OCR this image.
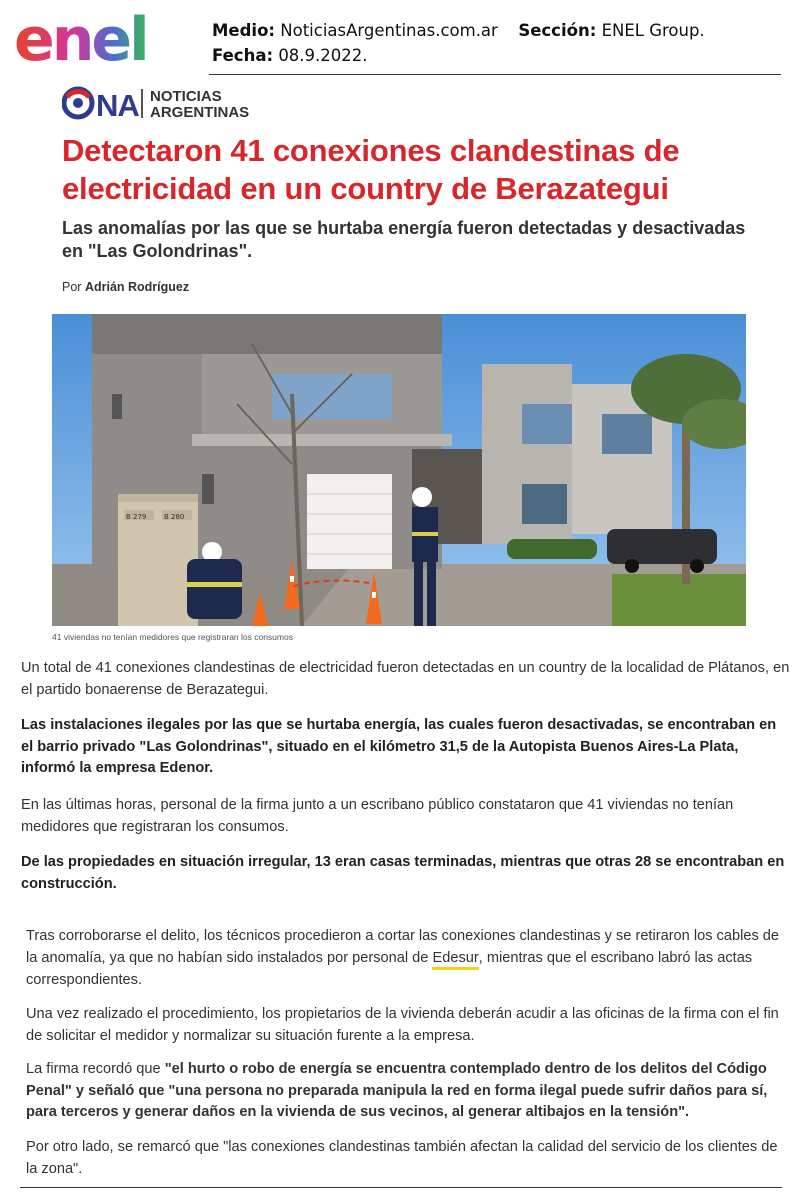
enel	Medio: NoticiasArgentinas.com.ar Sección: ENEL Group.
Fecha: 08.9.2022.
NA NOTICIAS
ARGENTINAS
Detectaron 41 conexiones clandestinas de electricidad en un country de Berazategui
Las anomalías por las que se hurtaba energía fueron detectadas y desactivadas en "Las Golondrinas".
Por Adrián Rodríguez
B 279	B 280
41 viviendas no tenían medidores que registraran los consumos

Un total de 41 conexiones clandestinas de electricidad fueron detectadas en un country de la localidad de Plátanos, en el partido bonaerense de Berazategui.

Las instalaciones ilegales por las que se hurtaba energía, las cuales fueron desactivadas, se encontraban en el barrio privado "Las Golondrinas", situado en el kilómetro 31,5 de la Autopista Buenos Aires-La Plata, informó la empresa Edenor.

En las últimas horas, personal de la firma junto a un escribano público constataron que 41 viviendas no tenían medidores que registraran los consumos.

De las propiedades en situación irregular, 13 eran casas terminadas, mientras que otras 28 se encontraban en construcción.

Tras corroborarse el delito, los técnicos procedieron a cortar las conexiones clandestinas y se retiraron los cables de la anomalía, ya que no habían sido instalados por personal de Edesur, mientras que el escribano labró las actas correspondientes.

Una vez realizado el procedimiento, los propietarios de la vivienda deberán acudir a las oficinas de la firma con el fin de solicitar el medidor y normalizar su situación furente a la empresa.

La firma recordó que "el hurto o robo de energía se encuentra contemplado dentro de los delitos del Código Penal" y señaló que "una persona no preparada manipula la red en forma ilegal puede sufrir daños para sí, para terceros y generar daños en la vivienda de sus vecinos, al generar altibajos en la tensión".

Por otro lado, se remarcó que "las conexiones clandestinas también afectan la calidad del servicio de los clientes de la zona".
